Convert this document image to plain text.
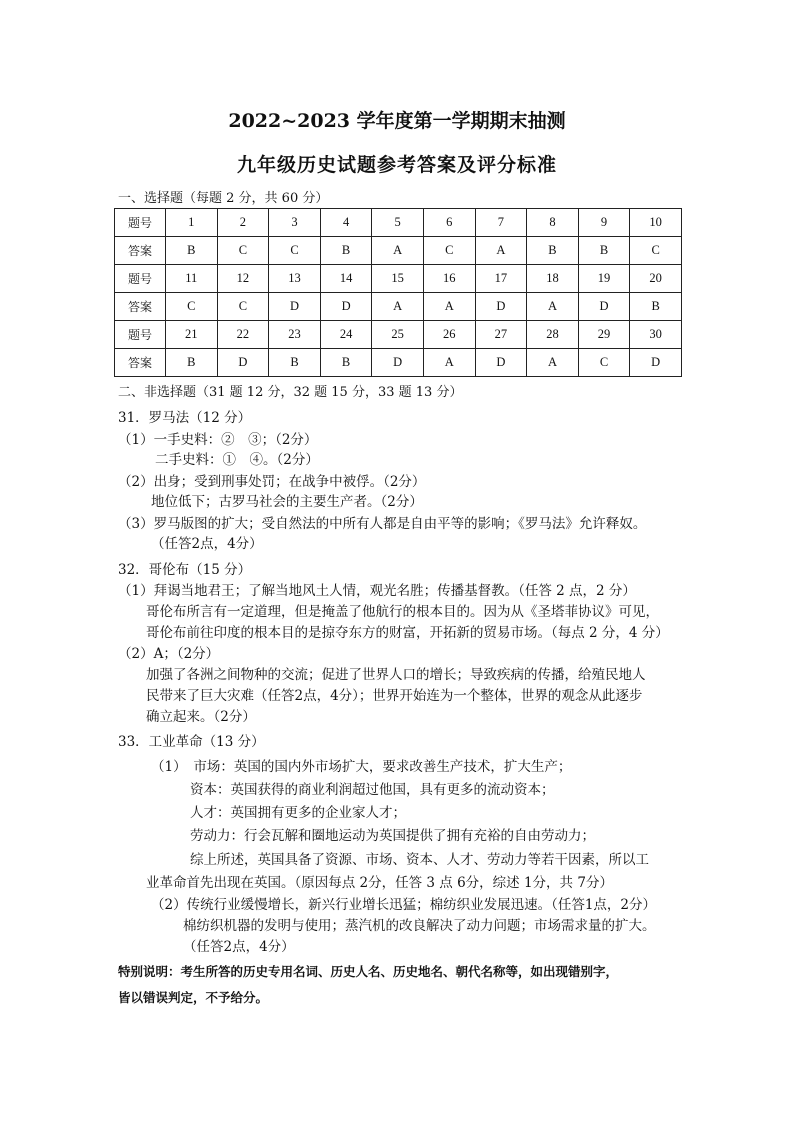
2022~2023 学年度第一学期期末抽测
九年级历史试题参考答案及评分标准
一、选择题（每题 2 分，共 60 分）
题号	1	2	3	4	5	6	7	8	9	10
答案	B	C	C	B	A	C	A	B	B	C
题号	11	12	13	14	15	16	17	18	19	20
答案	C	C	D	D	A	A	D	A	D	B
题号	21	22	23	24	25	26	27	28	29	30
答案	B	D	B	B	D	A	D	A	C	D
二、非选择题（31 题 12 分，32 题 15 分，33 题 13 分）
31．罗马法（12 分）
（1）一手史料：②　③；（2分）
二手史料：①　④。（2分）
（2）出身；受到刑事处罚；在战争中被俘。（2分）
地位低下；古罗马社会的主要生产者。（2分）
（3）罗马版图的扩大；受自然法的中所有人都是自由平等的影响；《罗马法》允许释奴。
（任答2点，4分）
32．哥伦布（15 分）
（1）拜谒当地君王；了解当地风土人情，观光名胜；传播基督教。（任答 2 点，2 分）
哥伦布所言有一定道理，但是掩盖了他航行的根本目的。因为从《圣塔菲协议》可见，
哥伦布前往印度的根本目的是掠夺东方的财富，开拓新的贸易市场。（每点 2 分，4 分）
（2）A；（2分）
加强了各洲之间物种的交流；促进了世界人口的增长；导致疾病的传播，给殖民地人
民带来了巨大灾难（任答2点，4分）；世界开始连为一个整体，世界的观念从此逐步
确立起来。（2分）
33．工业革命（13 分）
（1）　市场：英国的国内外市场扩大，要求改善生产技术，扩大生产；
资本：英国获得的商业利润超过他国，具有更多的流动资本；
人才：英国拥有更多的企业家人才；
劳动力：行会瓦解和圈地运动为英国提供了拥有充裕的自由劳动力；
综上所述，英国具备了资源、市场、资本、人才、劳动力等若干因素，所以工
业革命首先出现在英国。（原因每点 2分，任答 3 点 6分，综述 1分，共 7分）
（2）传统行业缓慢增长，新兴行业增长迅猛；棉纺织业发展迅速。（任答1点，2分）
棉纺织机器的发明与使用；蒸汽机的改良解决了动力问题；市场需求量的扩大。
（任答2点，4分）
特别说明：考生所答的历史专用名词、历史人名、历史地名、朝代名称等，如出现错别字，
皆以错误判定，不予给分。
